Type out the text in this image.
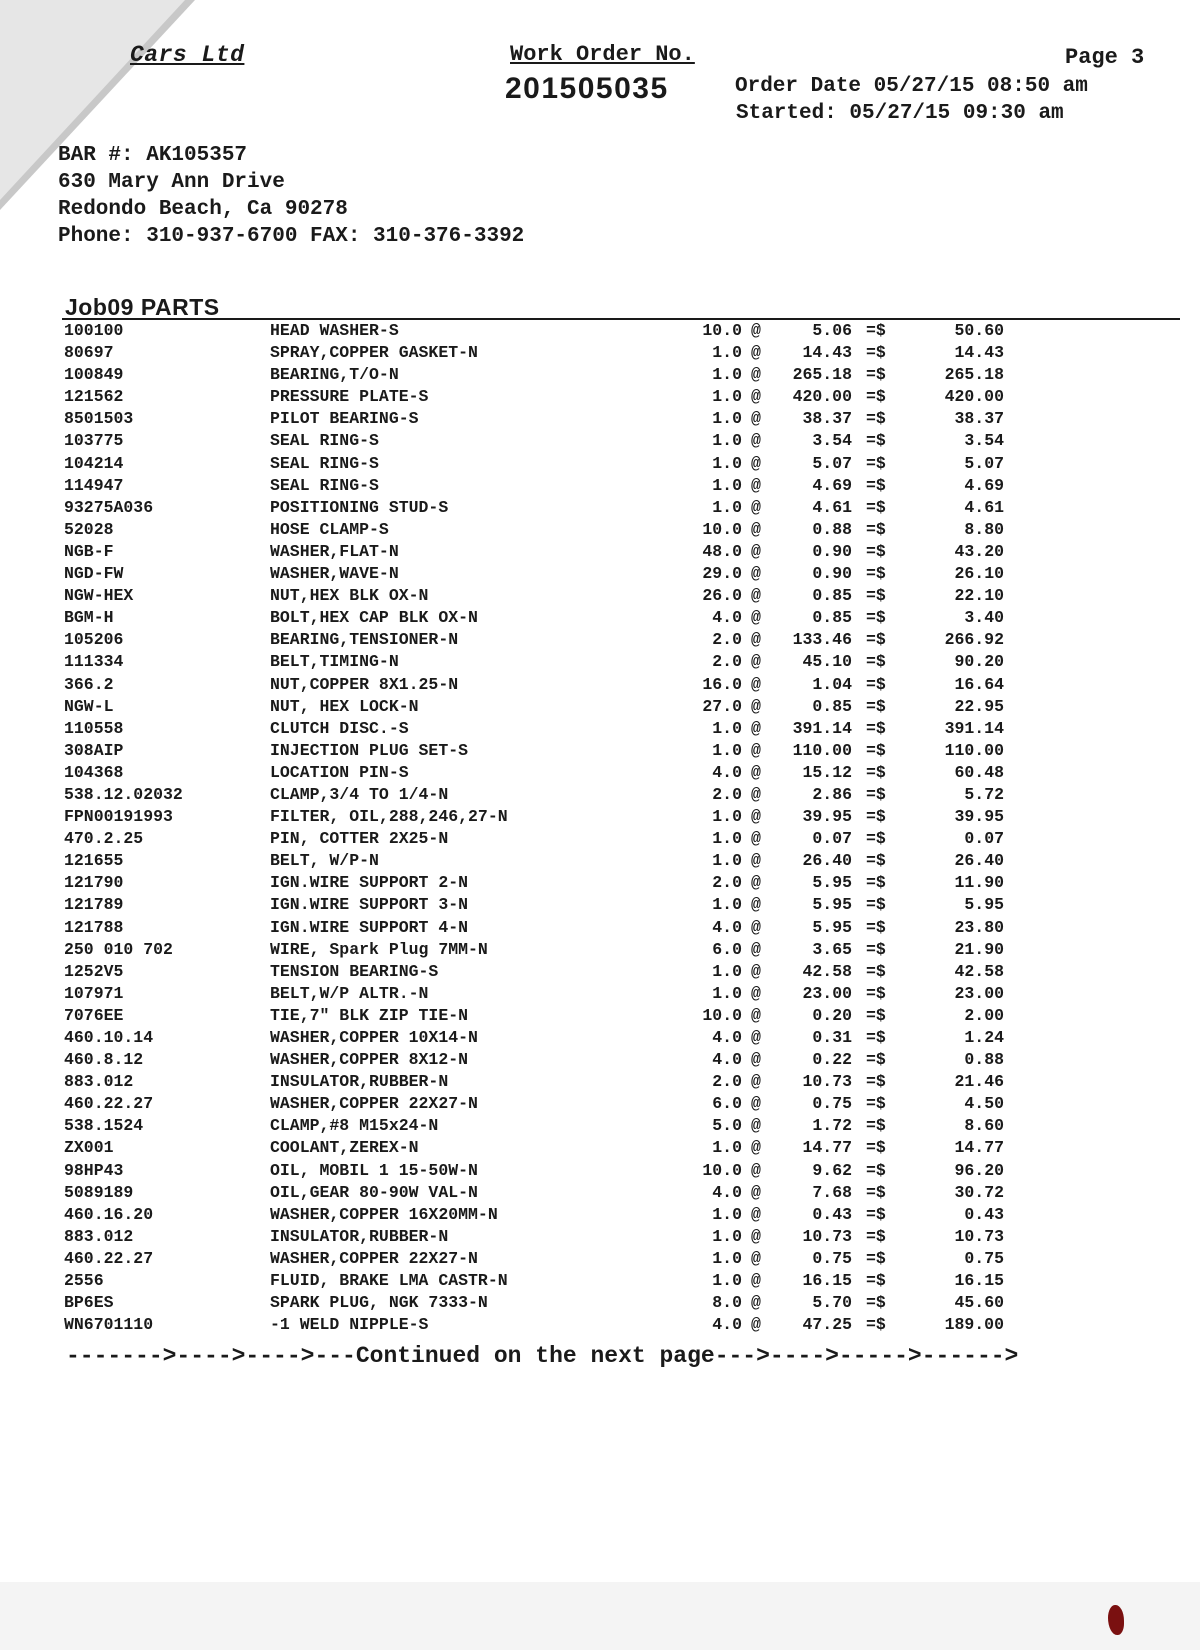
Cars Ltd	Work Order No.
201505035
Page 3
Order Date 05/27/15 08:50 am
Started: 05/27/15 09:30 am
BAR #: AK105357
630 Mary Ann Drive
Redondo Beach, Ca 90278
Phone: 310-937-6700 FAX: 310-376-3392
Job09 PARTS
100100	HEAD WASHER-S	10.0 @	5.06 =$	50.60
80697	SPRAY,COPPER GASKET-N	1.0 @	14.43 =$	14.43
100849	BEARING,T/O-N	1.0 @	265.18 =$	265.18
121562	PRESSURE PLATE-S	1.0 @	420.00 =$	420.00
8501503	PILOT BEARING-S	1.0 @	38.37 =$	38.37
103775	SEAL RING-S	1.0 @	3.54 =$	3.54
104214	SEAL RING-S	1.0 @	5.07 =$	5.07
114947	SEAL RING-S	1.0 @	4.69 =$	4.69
93275A036	POSITIONING STUD-S	1.0 @	4.61 =$	4.61
52028	HOSE CLAMP-S	10.0 @	0.88 =$	8.80
NGB-F	WASHER,FLAT-N	48.0 @	0.90 =$	43.20
NGD-FW	WASHER,WAVE-N	29.0 @	0.90 =$	26.10
NGW-HEX	NUT,HEX BLK OX-N	26.0 @	0.85 =$	22.10
BGM-H	BOLT,HEX CAP BLK OX-N	4.0 @	0.85 =$	3.40
105206	BEARING,TENSIONER-N	2.0 @	133.46 =$	266.92
111334	BELT,TIMING-N	2.0 @	45.10 =$	90.20
366.2	NUT,COPPER 8X1.25-N	16.0 @	1.04 =$	16.64
NGW-L	NUT, HEX LOCK-N	27.0 @	0.85 =$	22.95
110558	CLUTCH DISC.-S	1.0 @	391.14 =$	391.14
308AIP	INJECTION PLUG SET-S	1.0 @	110.00 =$	110.00
104368	LOCATION PIN-S	4.0 @	15.12 =$	60.48
538.12.02032	CLAMP,3/4 TO 1/4-N	2.0 @	2.86 =$	5.72
FPN00191993	FILTER, OIL,288,246,27-N	1.0 @	39.95 =$	39.95
470.2.25	PIN, COTTER 2X25-N	1.0 @	0.07 =$	0.07
121655	BELT, W/P-N	1.0 @	26.40 =$	26.40
121790	IGN.WIRE SUPPORT 2-N	2.0 @	5.95 =$	11.90
121789	IGN.WIRE SUPPORT 3-N	1.0 @	5.95 =$	5.95
121788	IGN.WIRE SUPPORT 4-N	4.0 @	5.95 =$	23.80
250 010 702	WIRE, Spark Plug 7MM-N	6.0 @	3.65 =$	21.90
1252V5	TENSION BEARING-S	1.0 @	42.58 =$	42.58
107971	BELT,W/P ALTR.-N	1.0 @	23.00 =$	23.00
7076EE	TIE,7" BLK ZIP TIE-N	10.0 @	0.20 =$	2.00
460.10.14	WASHER,COPPER 10X14-N	4.0 @	0.31 =$	1.24
460.8.12	WASHER,COPPER 8X12-N	4.0 @	0.22 =$	0.88
883.012	INSULATOR,RUBBER-N	2.0 @	10.73 =$	21.46
460.22.27	WASHER,COPPER 22X27-N	6.0 @	0.75 =$	4.50
538.1524	CLAMP,#8 M15x24-N	5.0 @	1.72 =$	8.60
ZX001	COOLANT,ZEREX-N	1.0 @	14.77 =$	14.77
98HP43	OIL, MOBIL 1 15-50W-N	10.0 @	9.62 =$	96.20
5089189	OIL,GEAR 80-90W VAL-N	4.0 @	7.68 =$	30.72
460.16.20	WASHER,COPPER 16X20MM-N	1.0 @	0.43 =$	0.43
883.012	INSULATOR,RUBBER-N	1.0 @	10.73 =$	10.73
460.22.27	WASHER,COPPER 22X27-N	1.0 @	0.75 =$	0.75
2556	FLUID, BRAKE LMA CASTR-N	1.0 @	16.15 =$	16.15
BP6ES	SPARK PLUG, NGK 7333-N	8.0 @	5.70 =$	45.60
WN6701110	-1 WELD NIPPLE-S	4.0 @	47.25 =$	189.00
------->---->---->---Continued on the next page--->---->----->------>
